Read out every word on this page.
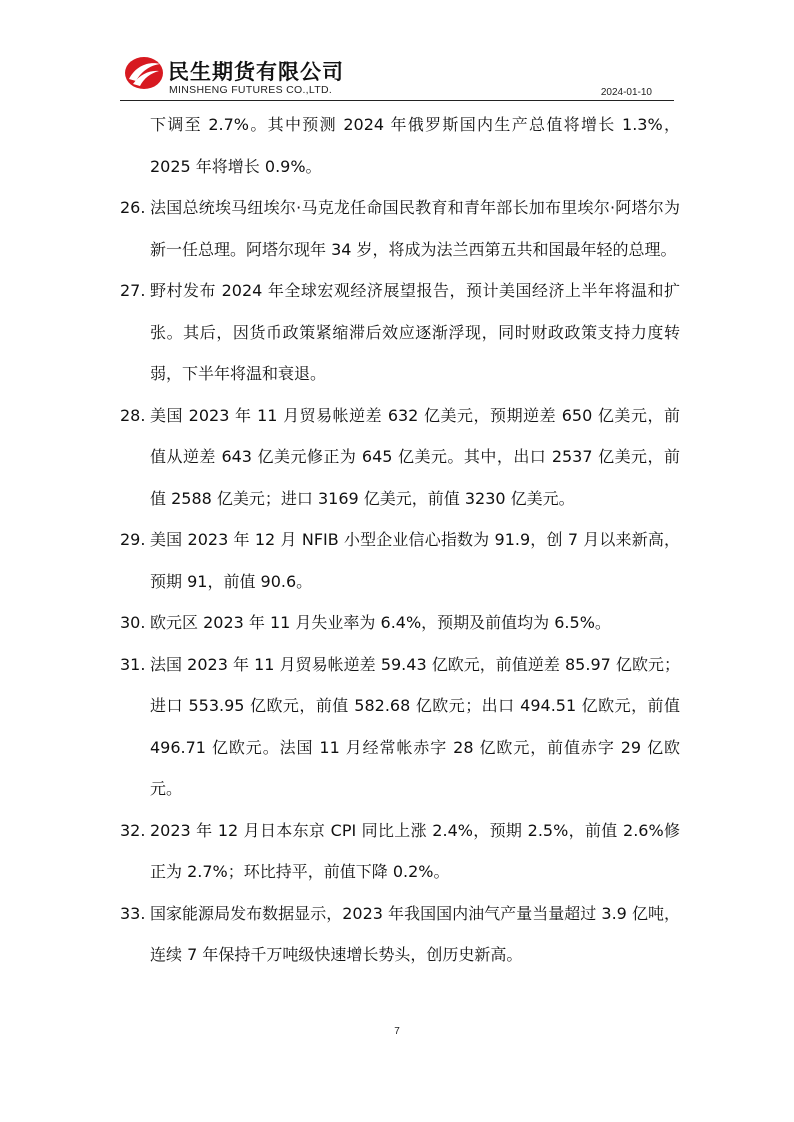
民生期货有限公司
MINSHENG FUTURES CO.,LTD.	2024-01-10
下调至 2.7%。其中预测 2024 年俄罗斯国内生产总值将增长 1.3%，2025 年将增长 0.9%。
26. 法国总统埃马纽埃尔·马克龙任命国民教育和青年部长加布里埃尔·阿塔尔为新一任总理。阿塔尔现年 34 岁，将成为法兰西第五共和国最年轻的总理。
27. 野村发布 2024 年全球宏观经济展望报告，预计美国经济上半年将温和扩张。其后，因货币政策紧缩滞后效应逐渐浮现，同时财政政策支持力度转弱，下半年将温和衰退。
28. 美国 2023 年 11 月贸易帐逆差 632 亿美元，预期逆差 650 亿美元，前值从逆差 643 亿美元修正为 645 亿美元。其中，出口 2537 亿美元，前值 2588 亿美元；进口 3169 亿美元，前值 3230 亿美元。
29. 美国 2023 年 12 月 NFIB 小型企业信心指数为 91.9，创 7 月以来新高，预期 91，前值 90.6。
30. 欧元区 2023 年 11 月失业率为 6.4%，预期及前值均为 6.5%。
31. 法国 2023 年 11 月贸易帐逆差 59.43 亿欧元，前值逆差 85.97 亿欧元；进口 553.95 亿欧元，前值 582.68 亿欧元；出口 494.51 亿欧元，前值 496.71 亿欧元。法国 11 月经常帐赤字 28 亿欧元，前值赤字 29 亿欧元。
32. 2023 年 12 月日本东京 CPI 同比上涨 2.4%，预期 2.5%，前值 2.6%修正为 2.7%；环比持平，前值下降 0.2%。
33. 国家能源局发布数据显示，2023 年我国国内油气产量当量超过 3.9 亿吨，连续 7 年保持千万吨级快速增长势头，创历史新高。
7
